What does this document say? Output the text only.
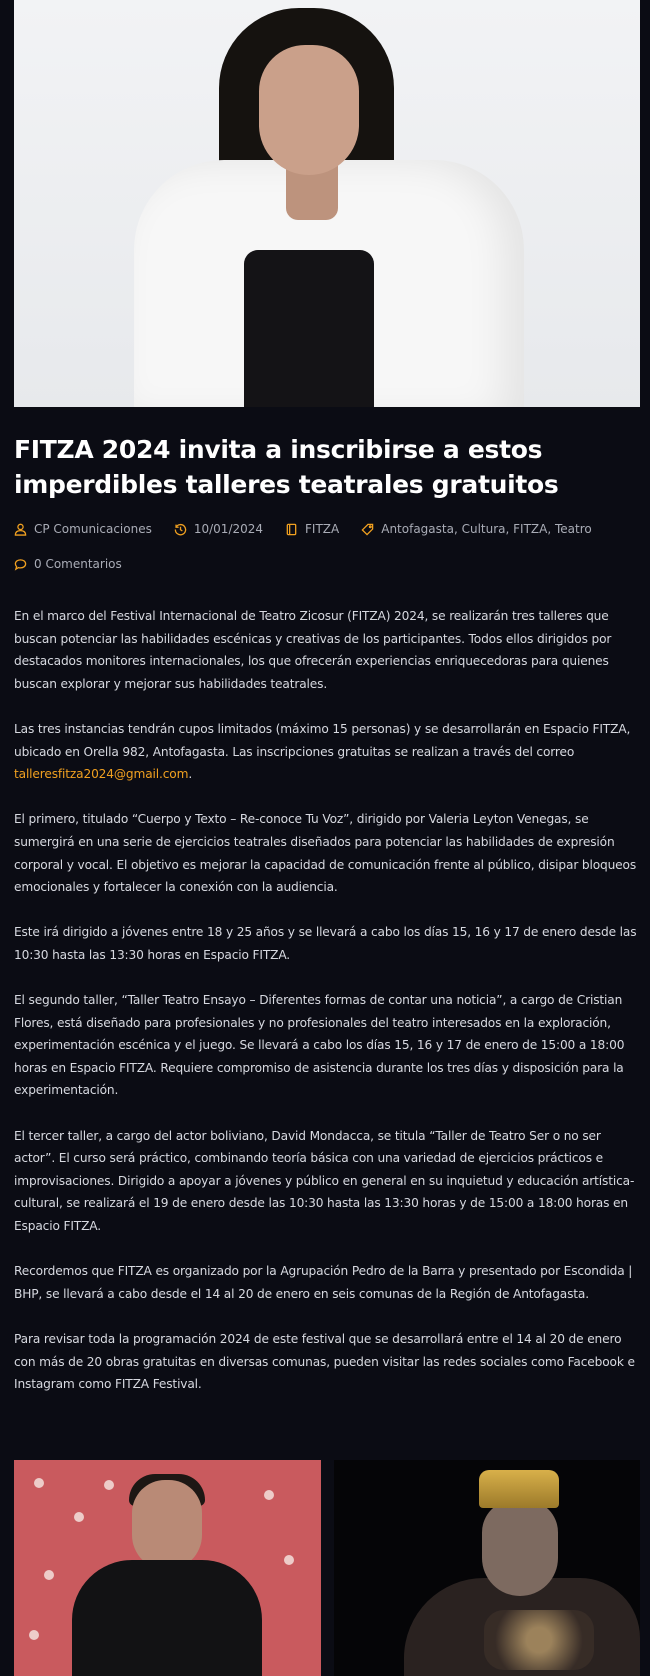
FITZA 2024 invita a inscribirse a estos imperdibles talleres teatrales gratuitos
CP Comunicaciones	10/01/2024	FITZA	Antofagasta, Cultura, FITZA, Teatro
0 Comentarios

En el marco del Festival Internacional de Teatro Zicosur (FITZA) 2024, se realizarán tres talleres que buscan potenciar las habilidades escénicas y creativas de los participantes. Todos ellos dirigidos por destacados monitores internacionales, los que ofrecerán experiencias enriquecedoras para quienes buscan explorar y mejorar sus habilidades teatrales.

Las tres instancias tendrán cupos limitados (máximo 15 personas) y se desarrollarán en Espacio FITZA, ubicado en Orella 982, Antofagasta. Las inscripciones gratuitas se realizan a través del correo talleresfitza2024@gmail.com.

El primero, titulado “Cuerpo y Texto – Re-conoce Tu Voz”, dirigido por Valeria Leyton Venegas, se sumergirá en una serie de ejercicios teatrales diseñados para potenciar las habilidades de expresión corporal y vocal. El objetivo es mejorar la capacidad de comunicación frente al público, disipar bloqueos emocionales y fortalecer la conexión con la audiencia.

Este irá dirigido a jóvenes entre 18 y 25 años y se llevará a cabo los días 15, 16 y 17 de enero desde las 10:30 hasta las 13:30 horas en Espacio FITZA.

El segundo taller, “Taller Teatro Ensayo – Diferentes formas de contar una noticia”, a cargo de Cristian Flores, está diseñado para profesionales y no profesionales del teatro interesados en la exploración, experimentación escénica y el juego. Se llevará a cabo los días 15, 16 y 17 de enero de 15:00 a 18:00 horas en Espacio FITZA. Requiere compromiso de asistencia durante los tres días y disposición para la experimentación.

El tercer taller, a cargo del actor boliviano, David Mondacca, se titula “Taller de Teatro Ser o no ser actor”. El curso será práctico, combinando teoría básica con una variedad de ejercicios prácticos e improvisaciones. Dirigido a apoyar a jóvenes y público en general en su inquietud y educación artística-cultural, se realizará el 19 de enero desde las 10:30 hasta las 13:30 horas y de 15:00 a 18:00 horas en Espacio FITZA.

Recordemos que FITZA es organizado por la Agrupación Pedro de la Barra y presentado por Escondida | BHP, se llevará a cabo desde el 14 al 20 de enero en seis comunas de la Región de Antofagasta.

Para revisar toda la programación 2024 de este festival que se desarrollará entre el 14 al 20 de enero con más de 20 obras gratuitas en diversas comunas, pueden visitar las redes sociales como Facebook e Instagram como FITZA Festival.
